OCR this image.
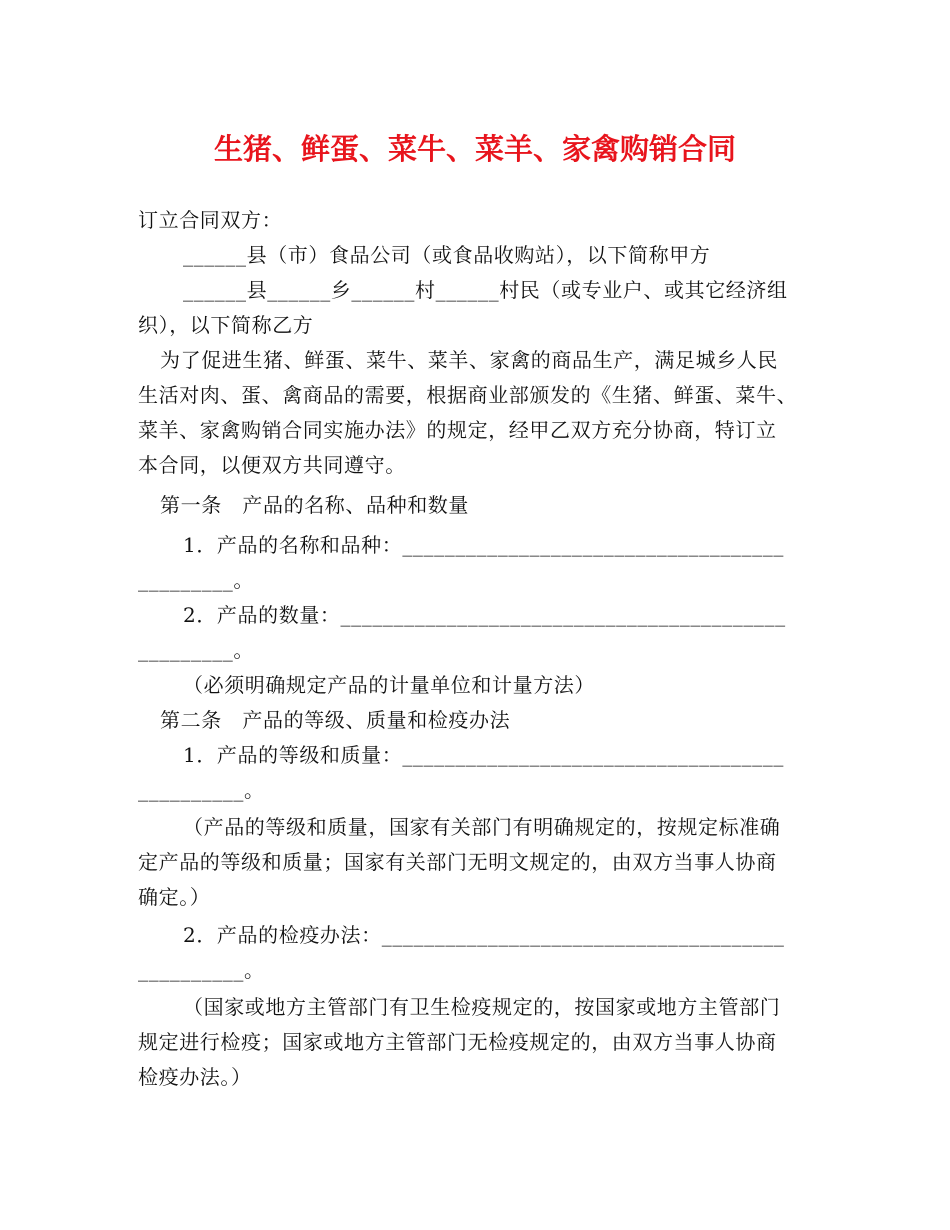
生猪、鲜蛋、菜牛、菜羊、家禽购销合同
订立合同双方：
______县（市）食品公司（或食品收购站），以下简称甲方
______县______乡______村______村民（或专业户、或其它经济组
织），以下简称乙方
为了促进生猪、鲜蛋、菜牛、菜羊、家禽的商品生产，满足城乡人民
生活对肉、蛋、禽商品的需要，根据商业部颁发的《生猪、鲜蛋、菜牛、
菜羊、家禽购销合同实施办法》的规定，经甲乙双方充分协商，特订立
本合同，以便双方共同遵守。
第一条　产品的名称、品种和数量
1．产品的名称和品种：____________________________________
_________。
2．产品的数量：__________________________________________
_________。
（必须明确规定产品的计量单位和计量方法）
第二条　产品的等级、质量和检疫办法
1．产品的等级和质量：____________________________________
__________。
（产品的等级和质量，国家有关部门有明确规定的，按规定标准确
定产品的等级和质量；国家有关部门无明文规定的，由双方当事人协商
确定。）
2．产品的检疫办法：______________________________________
__________。
（国家或地方主管部门有卫生检疫规定的，按国家或地方主管部门
规定进行检疫；国家或地方主管部门无检疫规定的，由双方当事人协商
检疫办法。）
